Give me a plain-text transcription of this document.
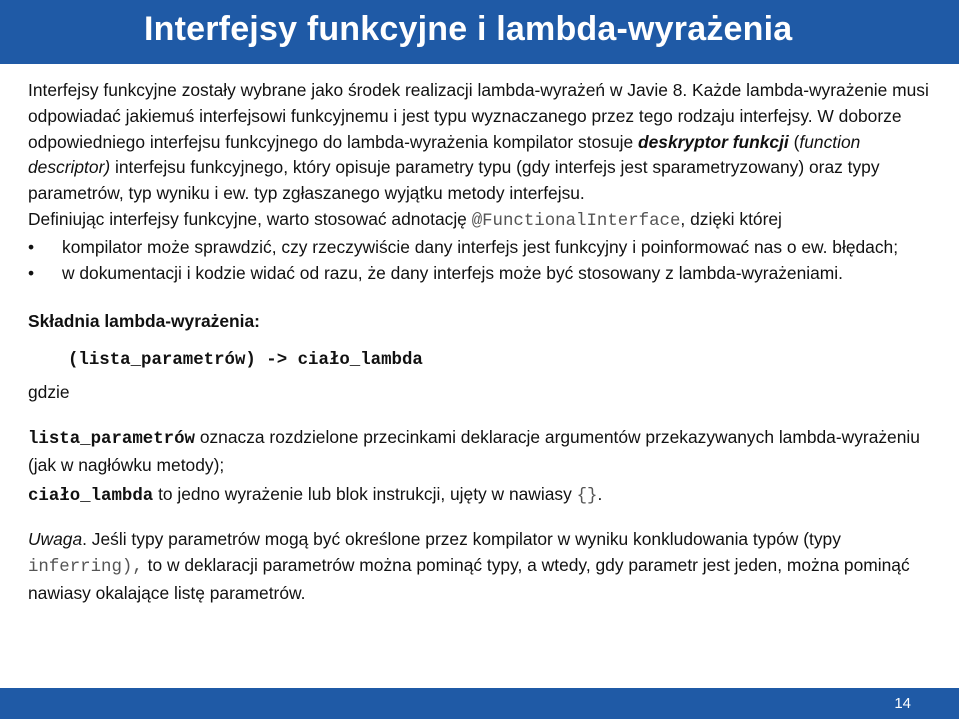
Interfejsy funkcyjne i lambda-wyrażenia

Interfejsy funkcyjne zostały wybrane jako środek realizacji lambda-wyrażeń w Javie 8. Każde lambda-wyrażenie musi odpowiadać jakiemuś interfejsowi funkcyjnemu i jest typu wyznaczanego przez tego rodzaju interfejsy. W doborze odpowiedniego interfejsu funkcyjnego do lambda-wyrażenia kompilator stosuje deskryptor funkcji (function descriptor) interfejsu funkcyjnego, który opisuje parametry typu (gdy interfejs jest sparametryzowany) oraz typy parametrów, typ wyniku i ew. typ zgłaszanego wyjątku metody interfejsu.

Definiując interfejsy funkcyjne, warto stosować adnotację @FunctionalInterface, dzięki której

• kompilator może sprawdzić, czy rzeczywiście dany interfejs jest funkcyjny i poinformować nas o ew. błędach;
• w dokumentacji i kodzie widać od razu, że dany interfejs może być stosowany z lambda-wyrażeniami.

Składnia lambda-wyrażenia:

(lista_parametrów) -> ciało_lambda

gdzie

lista_parametrów oznacza rozdzielone przecinkami deklaracje argumentów przekazywanych lambda-wyrażeniu (jak w nagłówku metody);

ciało_lambda to jedno wyrażenie lub blok instrukcji, ujęty w nawiasy {}.

Uwaga. Jeśli typy parametrów mogą być określone przez kompilator w wyniku konkludowania typów (typy inferring), to w deklaracji parametrów można pominąć typy, a wtedy, gdy parametr jest jeden, można pominąć nawiasy okalające listę parametrów.

14
